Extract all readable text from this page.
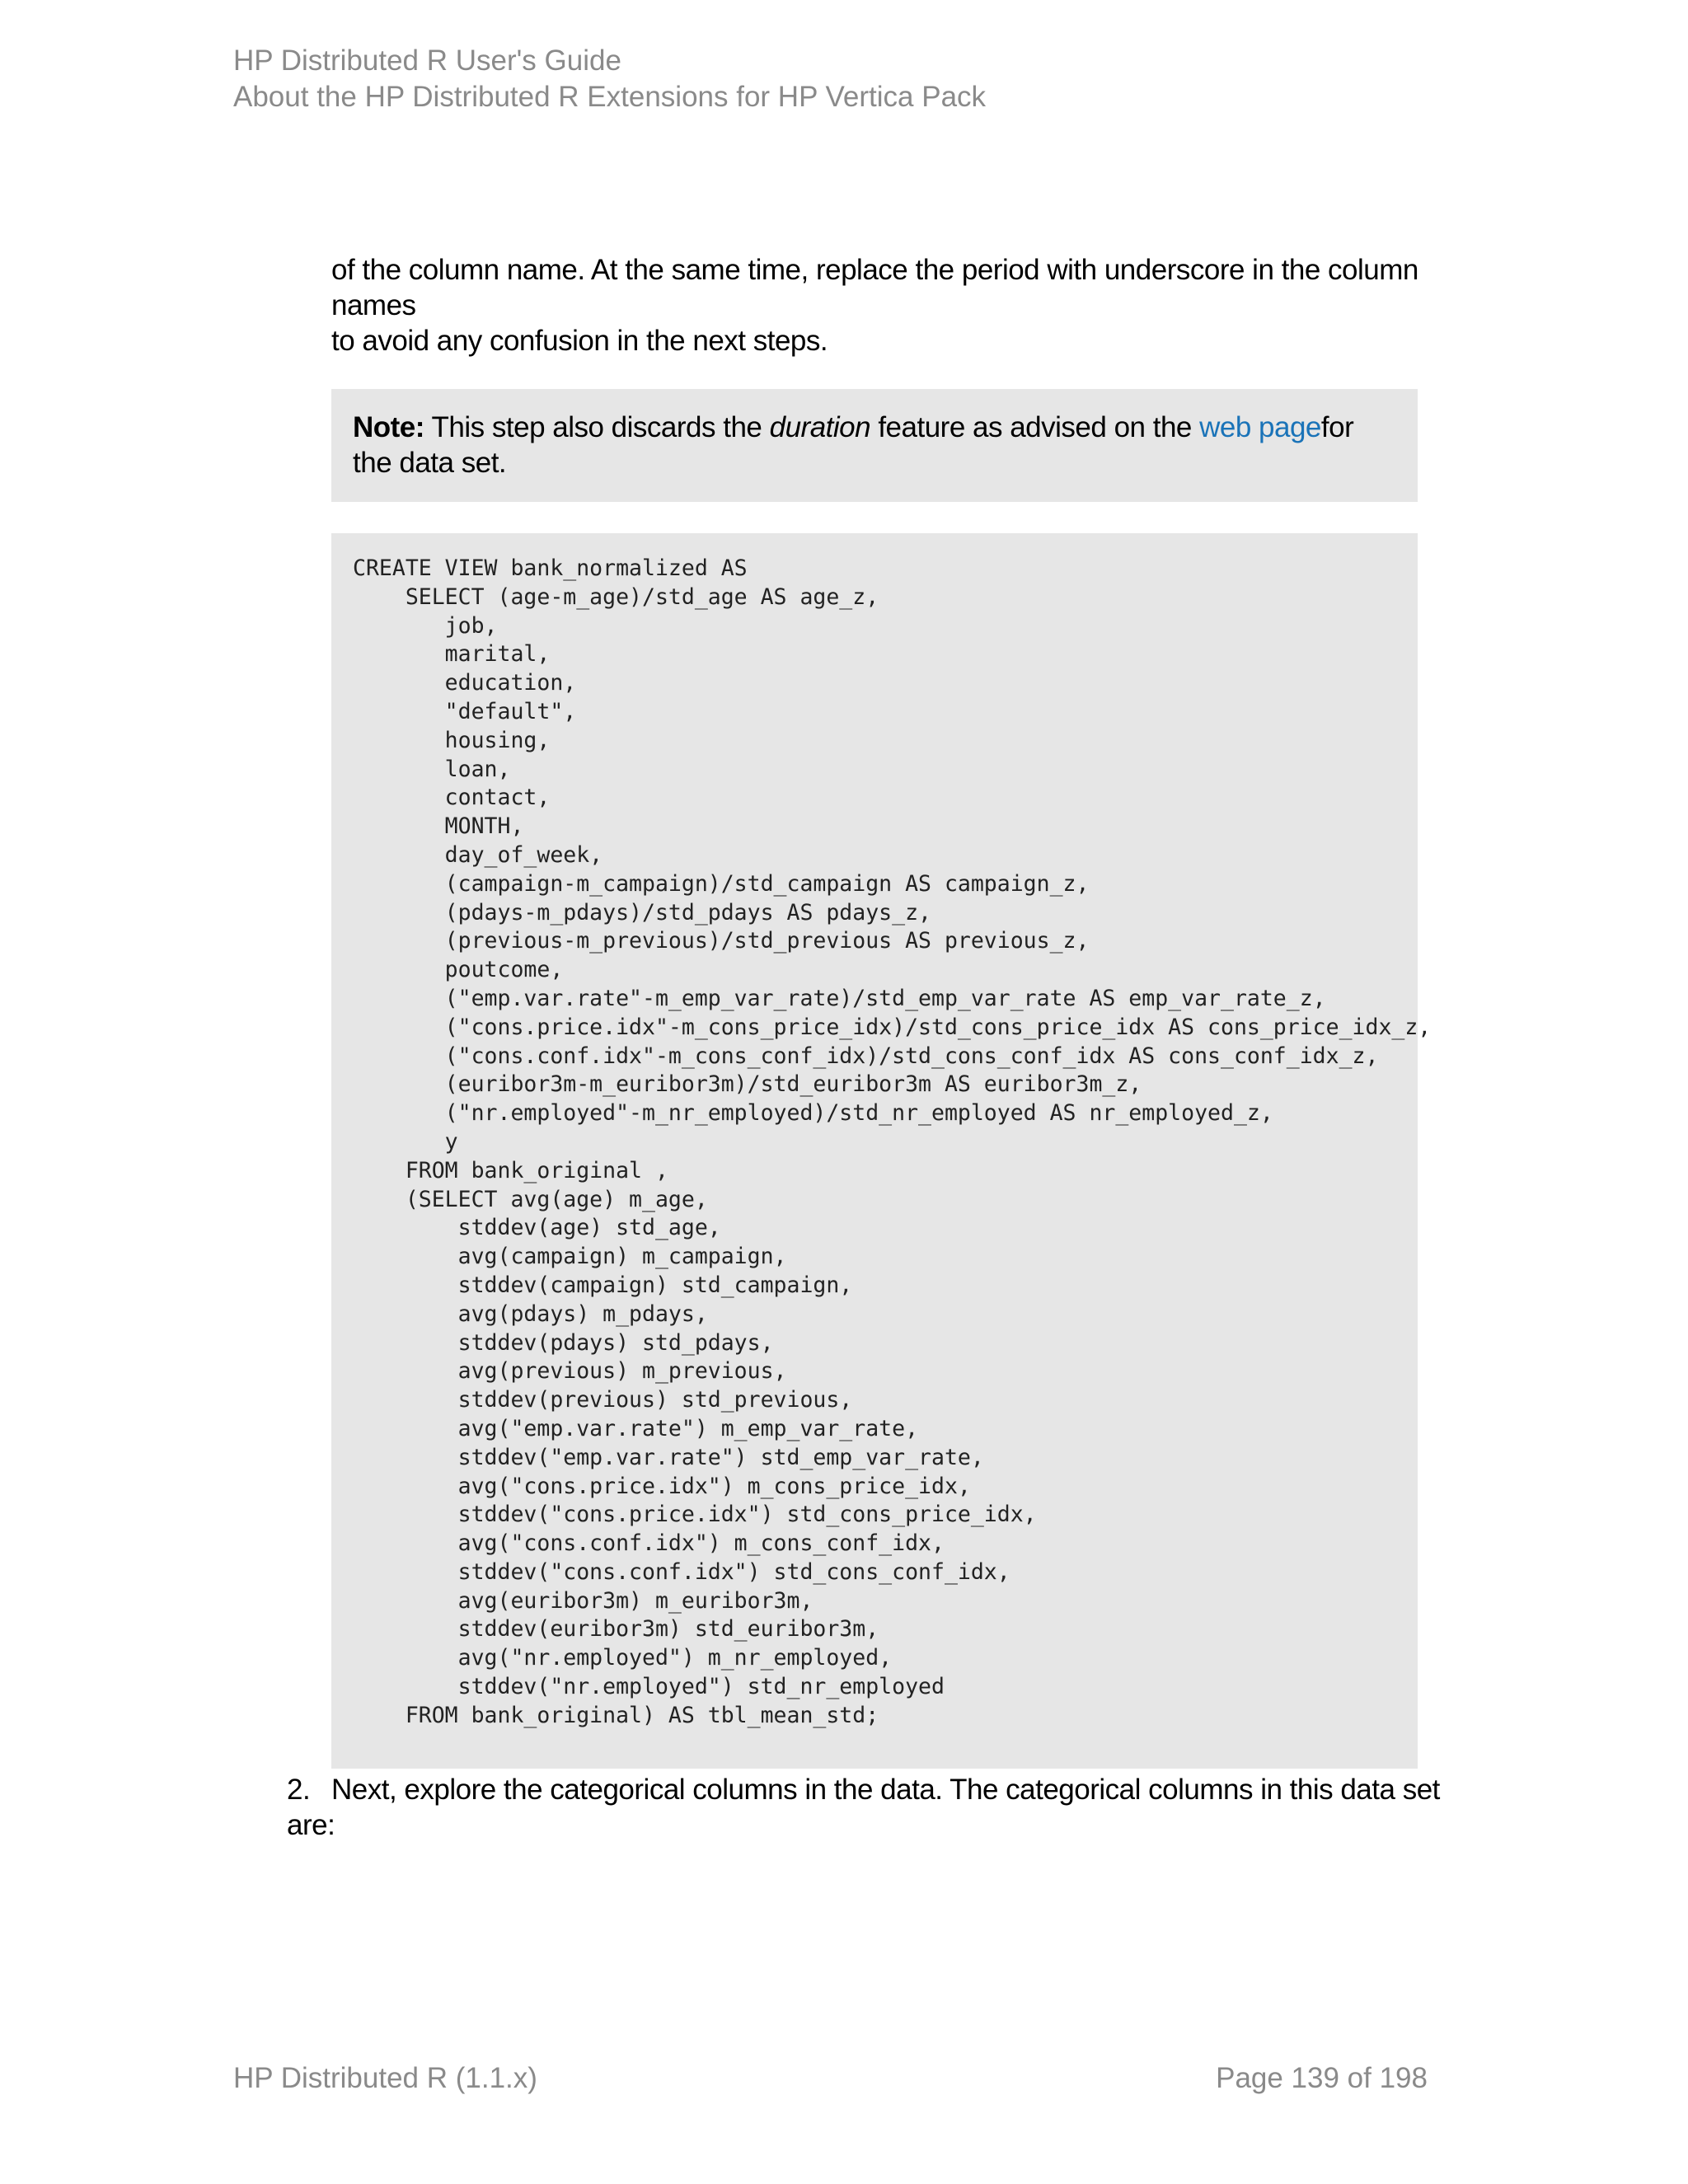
HP Distributed R User's Guide
About the HP Distributed R Extensions for HP Vertica Pack

of the column name. At the same time, replace the period with underscore in the column names
to avoid any confusion in the next steps.

Note: This step also discards the duration feature as advised on the web pagefor the data set.
CREATE VIEW bank_normalized AS
SELECT (age-m_age)/std_age AS age_z,
job,
marital,
education,
"default",
housing,
loan,
contact,
MONTH,
day_of_week,
(campaign-m_campaign)/std_campaign AS campaign_z,
(pdays-m_pdays)/std_pdays AS pdays_z,
(previous-m_previous)/std_previous AS previous_z,
poutcome,
("emp.var.rate"-m_emp_var_rate)/std_emp_var_rate AS emp_var_rate_z,
("cons.price.idx"-m_cons_price_idx)/std_cons_price_idx AS cons_price_idx_z,
("cons.conf.idx"-m_cons_conf_idx)/std_cons_conf_idx AS cons_conf_idx_z,
(euribor3m-m_euribor3m)/std_euribor3m AS euribor3m_z,
("nr.employed"-m_nr_employed)/std_nr_employed AS nr_employed_z,
y
FROM bank_original ,
(SELECT avg(age) m_age,
stddev(age) std_age,
avg(campaign) m_campaign,
stddev(campaign) std_campaign,
avg(pdays) m_pdays,
stddev(pdays) std_pdays,
avg(previous) m_previous,
stddev(previous) std_previous,
avg("emp.var.rate") m_emp_var_rate,
stddev("emp.var.rate") std_emp_var_rate,
avg("cons.price.idx") m_cons_price_idx,
stddev("cons.price.idx") std_cons_price_idx,
avg("cons.conf.idx") m_cons_conf_idx,
stddev("cons.conf.idx") std_cons_conf_idx,
avg(euribor3m) m_euribor3m,
stddev(euribor3m) std_euribor3m,
avg("nr.employed") m_nr_employed,
stddev("nr.employed") std_nr_employed
FROM bank_original) AS tbl_mean_std;
2. Next, explore the categorical columns in the data. The categorical columns in this data set are:
HP Distributed R (1.1.x)	Page 139 of 198
